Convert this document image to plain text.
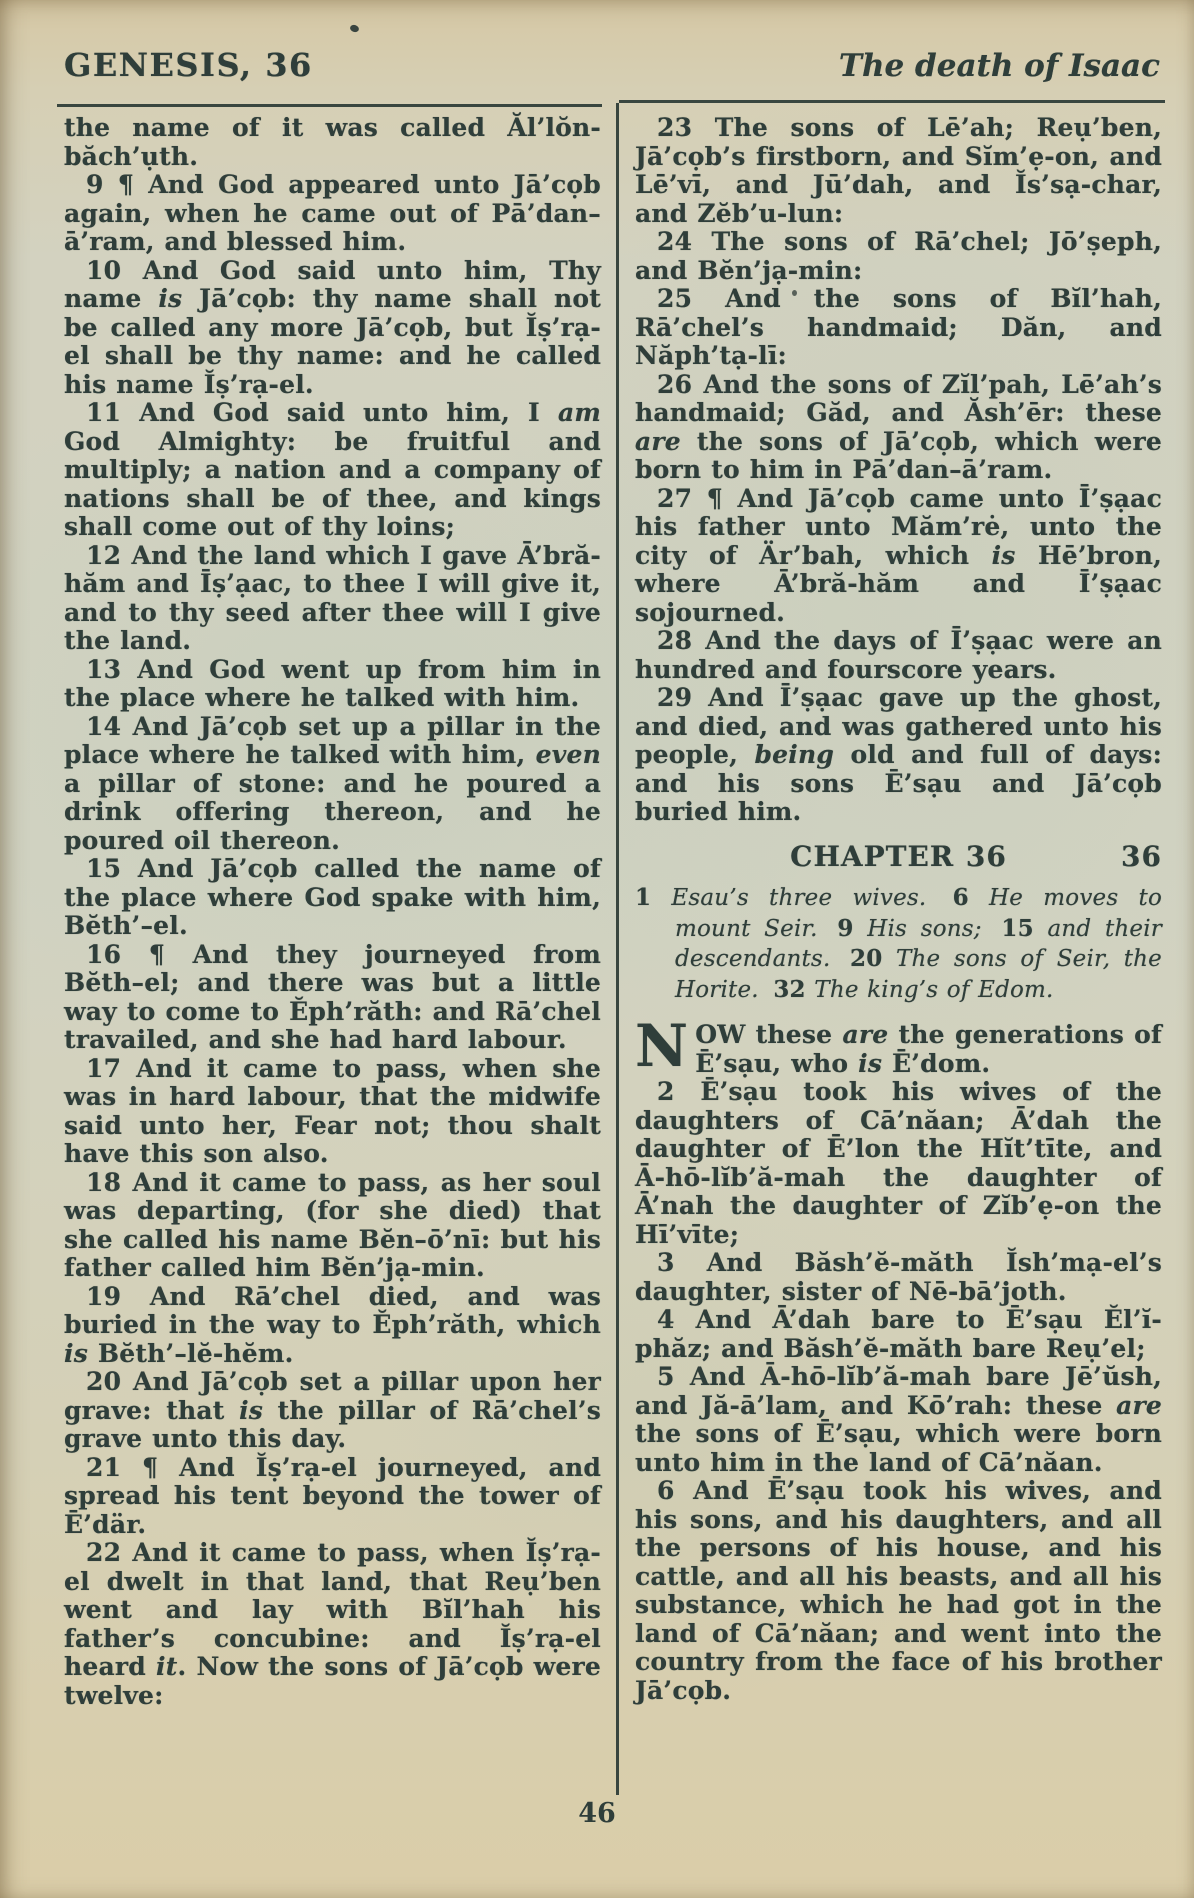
GENESIS, 36	The death of Isaac

the name of it was called Ăl’lŏn-băch’ụth.

9 ¶ And God appeared unto Jā’cọb again, when he came out of Pā’dan–ā’ram, and blessed him.

10 And God said unto him, Thy name is Jā’cọb: thy name shall not be called any more Jā’cọb, but Ĭṣ’rạ-el shall be thy name: and he called his name Ĭṣ’rạ-el.

11 And God said unto him, I am God Almighty: be fruitful and multiply; a nation and a company of nations shall be of thee, and kings shall come out of thy loins;

12 And the land which I gave Ā’bră-hăm and Īṣ’ạac, to thee I will give it, and to thy seed after thee will I give the land.

13 And God went up from him in the place where he talked with him.

14 And Jā’cọb set up a pillar in the place where he talked with him, even a pillar of stone: and he poured a drink offering thereon, and he poured oil thereon.

15 And Jā’cọb called the name of the place where God spake with him, Bĕth’–el.

16 ¶ And they journeyed from Bĕth–el; and there was but a little way to come to Ĕph’răth: and Rā’chel travailed, and she had hard labour.

17 And it came to pass, when she was in hard labour, that the midwife said unto her, Fear not; thou shalt have this son also.

18 And it came to pass, as her soul was departing, (for she died) that she called his name Bĕn–ō’nī: but his father called him Bĕn’jạ-min.

19 And Rā’chel died, and was buried in the way to Ĕph’răth, which is Bĕth’–lĕ-hĕm.

20 And Jā’cọb set a pillar upon her grave: that is the pillar of Rā’chel’s grave unto this day.

21 ¶ And Ĭṣ’rạ-el journeyed, and spread his tent beyond the tower of Ē’där.

22 And it came to pass, when Ĭṣ’rạ-el dwelt in that land, that Reụ’ben went and lay with Bĭl’hah his father’s concubine: and Ĭṣ’rạ-el heard it. Now the sons of Jā’cọb were twelve:

23 The sons of Lē’ah; Reụ’ben, Jā’cọb’s firstborn, and Sĭm’ẹ-on, and Lē’vī, and Jū’dah, and Ĭs’sạ-char, and Zĕb’u-lun:

24 The sons of Rā’chel; Jō’ṣeph, and Bĕn’jạ-min:

25 And the sons of Bĭl’hah, Rā’chel’s handmaid; Dăn, and Năph’tạ-lī:

26 And the sons of Zĭl’pah, Lē’ah’s handmaid; Găd, and Ăsh’ēr: these are the sons of Jā’cọb, which were born to him in Pā’dan–ā’ram.

27 ¶ And Jā’cọb came unto Ī’ṣạac his father unto Măm’rė, unto the city of Är’bah, which is Hē’bron, where Ā’bră-hăm and Ī’ṣạac sojourned.

28 And the days of Ī’ṣạac were an hundred and fourscore years.

29 And Ī’ṣạac gave up the ghost, and died, and was gathered unto his people, being old and full of days: and his sons Ē’sạu and Jā’cọb buried him.

CHAPTER 36	36

1 Esau’s three wives. 6 He moves to mount Seir. 9 His sons; 15 and their descendants. 20 The sons of Seir, the Horite. 32 The king’s of Edom.

NOW these are the generations of Ē’sạu, who is Ē’dom.

2 Ē’sạu took his wives of the daughters of Cā’năan; Ā’dah the daughter of Ē’lon the Hĭt’tīte, and Ā-hō-lĭb’ă-mah the daughter of Ā’nah the daughter of Zĭb’ẹ-on the Hī’vīte;

3 And Băsh’ĕ-măth Ĭsh’mạ-el’s daughter, sister of Nē-bā’joth.

4 And Ā’dah bare to Ē’sạu Ĕl’ĭ-phăz; and Băsh’ĕ-măth bare Reụ’el;

5 And Ā-hō-lĭb’ă-mah bare Jē’ŭsh, and Jă-ā’lam, and Kō’rah: these are the sons of Ē’sạu, which were born unto him in the land of Cā’năan.

6 And Ē’sạu took his wives, and his sons, and his daughters, and all the persons of his house, and his cattle, and all his beasts, and all his substance, which he had got in the land of Cā’năan; and went into the country from the face of his brother Jā’cọb.

46
